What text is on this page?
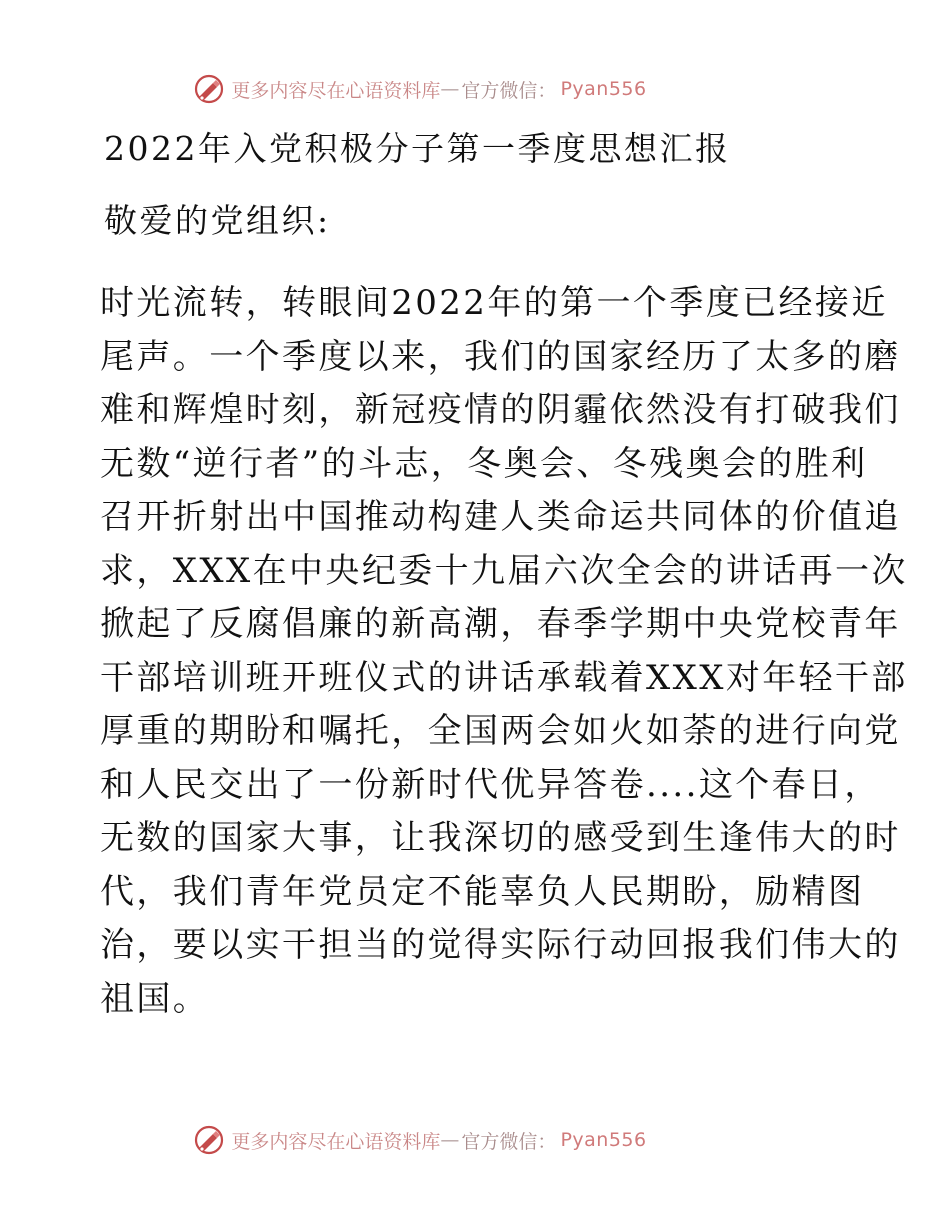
更多内容尽在心语资料库 — 官方微信： Pyan556
2022年入党积极分子第一季度思想汇报
敬爱的党组织:
时光流转，转眼间2022年的第一个季度已经接近
尾声。一个季度以来，我们的国家经历了太多的磨
难和辉煌时刻，新冠疫情的阴霾依然没有打破我们
无数“逆行者”的斗志，冬奥会、冬残奥会的胜利
召开折射出中国推动构建人类命运共同体的价值追
求，XXX在中央纪委十九届六次全会的讲话再一次
掀起了反腐倡廉的新高潮，春季学期中央党校青年
干部培训班开班仪式的讲话承载着XXX对年轻干部
厚重的期盼和嘱托，全国两会如火如荼的进行向党
和人民交出了一份新时代优异答卷....这个春日，
无数的国家大事，让我深切的感受到生逢伟大的时
代，我们青年党员定不能辜负人民期盼，励精图
治，要以实干担当的觉得实际行动回报我们伟大的
祖国。
更多内容尽在心语资料库 — 官方微信： Pyan556
